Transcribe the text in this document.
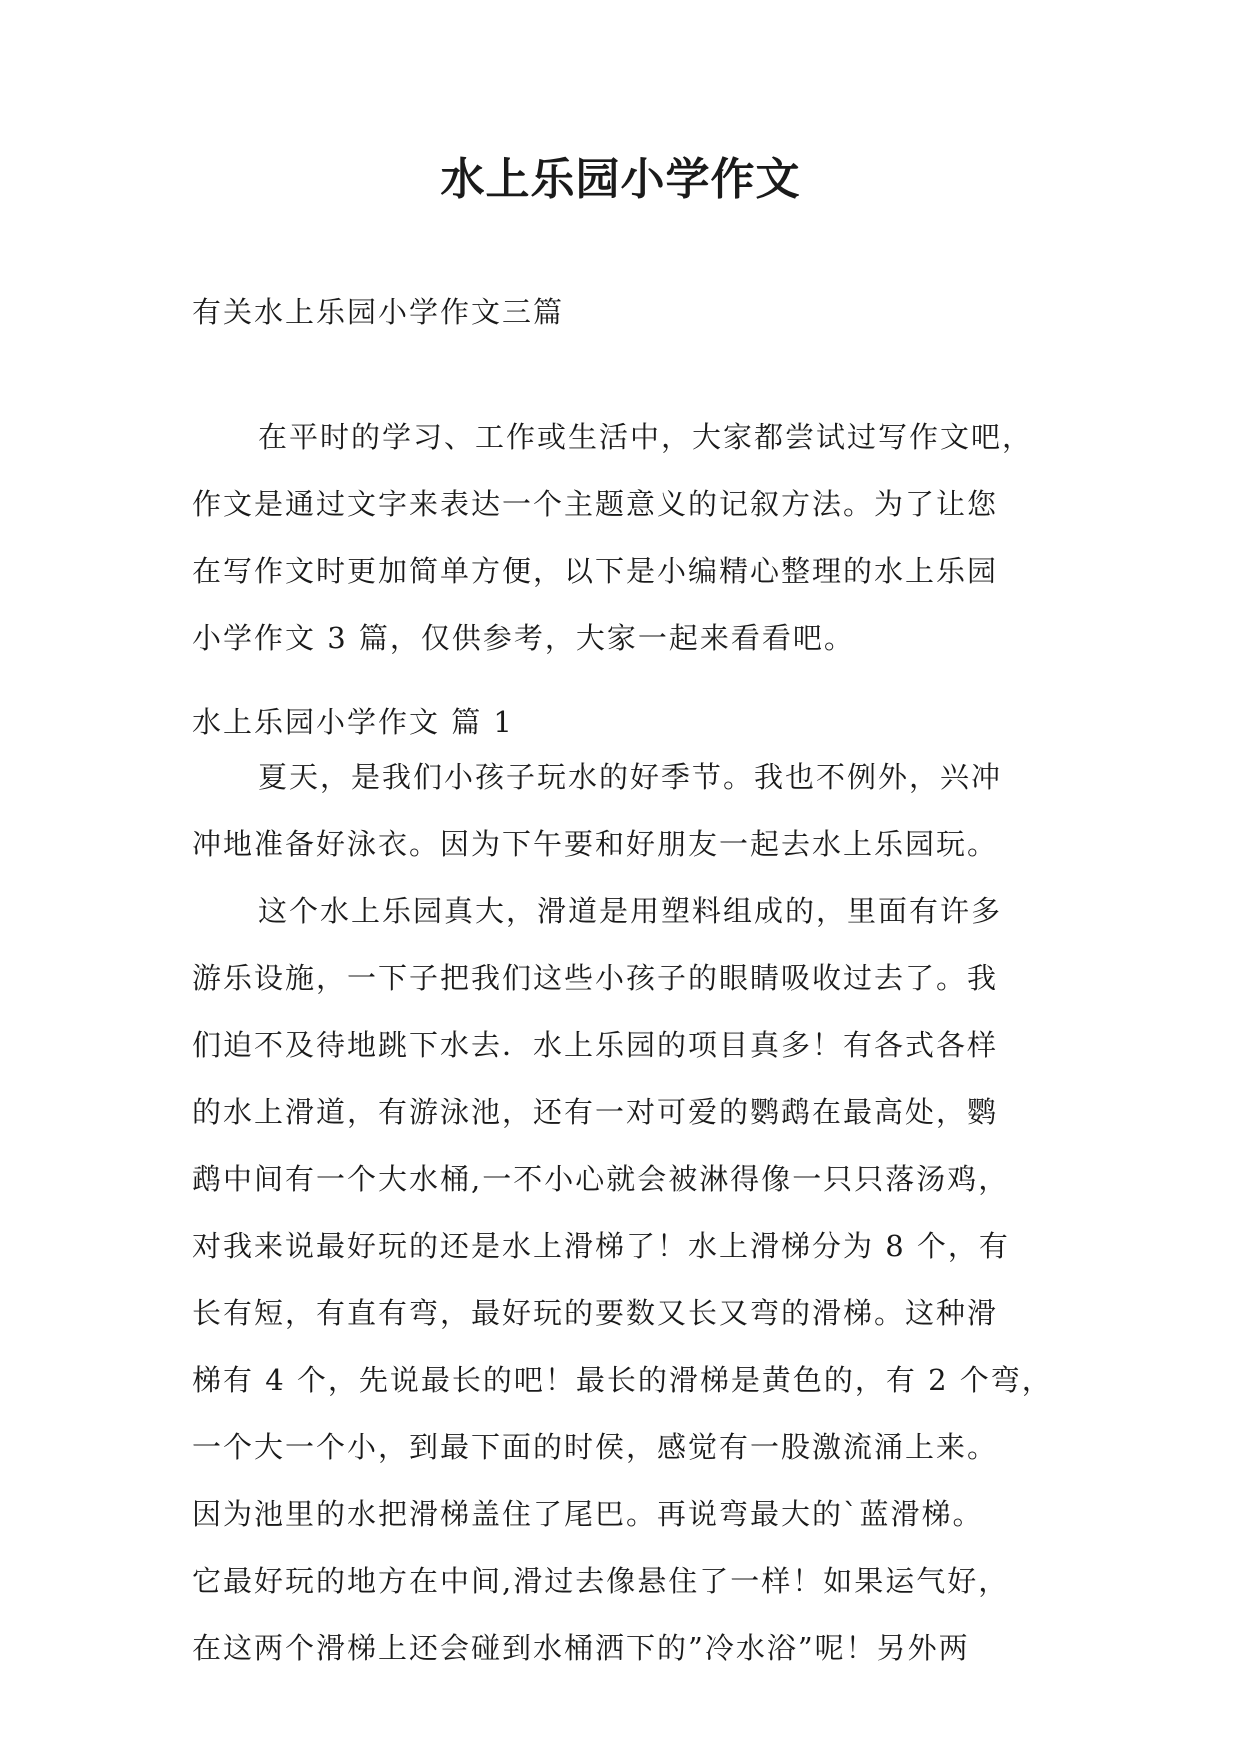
水上乐园小学作文
有关水上乐园小学作文三篇

在平时的学习、工作或生活中，大家都尝试过写作文吧，
作文是通过文字来表达一个主题意义的记叙方法。为了让您
在写作文时更加简单方便，以下是小编精心整理的水上乐园
小学作文 3 篇，仅供参考，大家一起来看看吧。

水上乐园小学作文 篇 1

夏天，是我们小孩子玩水的好季节。我也不例外，兴冲
冲地准备好泳衣。因为下午要和好朋友一起去水上乐园玩。

这个水上乐园真大，滑道是用塑料组成的，里面有许多
游乐设施，一下子把我们这些小孩子的眼睛吸收过去了。我
们迫不及待地跳下水去．水上乐园的项目真多！有各式各样
的水上滑道，有游泳池，还有一对可爱的鹦鹉在最高处，鹦
鹉中间有一个大水桶,一不小心就会被淋得像一只只落汤鸡，
对我来说最好玩的还是水上滑梯了！水上滑梯分为 8 个，有
长有短，有直有弯，最好玩的要数又长又弯的滑梯。这种滑
梯有 4 个，先说最长的吧！最长的滑梯是黄色的，有 2 个弯，
一个大一个小，到最下面的时侯，感觉有一股激流涌上来。
因为池里的水把滑梯盖住了尾巴。再说弯最大的`蓝滑梯。
它最好玩的地方在中间,滑过去像悬住了一样！如果运气好，
在这两个滑梯上还会碰到水桶洒下的”冷水浴”呢！另外两
